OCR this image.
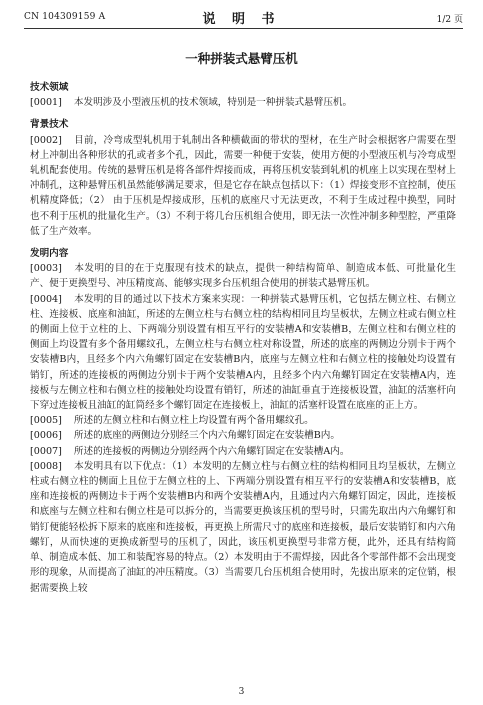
CN 104309159 A	说 明 书	1/2 页
一种拼装式悬臂压机

技术领域

[0001] 本发明涉及小型液压机的技术领域，特别是一种拼装式悬臂压机。

背景技术

[0002] 目前，冷弯成型轧机用于轧制出各种横截面的带状的型材，在生产时会根据客户需要在型材上冲制出各种形状的孔或者多个孔，因此，需要一种便于安装，使用方便的小型液压机与冷弯成型轧机配套使用。传统的悬臂压机是将各部件焊接而成，再将压机安装到轧机的机座上以实现在型材上冲制孔，这种悬臂压机虽然能够满足要求，但是它存在缺点包括以下：（1）焊接变形不宜控制，使压机精度降低；（2） 由于压机是焊接成形，压机的底座尺寸无法更改，不利于生成过程中换型，同时也不利于压机的批量化生产。（3）不利于将几台压机组合使用，即无法一次性冲制多种型腔，严重降低了生产效率。

发明内容

[0003] 本发明的目的在于克服现有技术的缺点，提供一种结构简单、制造成本低、可批量化生产、便于更换型号、冲压精度高、能够实现多台压机组合使用的拼装式悬臂压机。

[0004] 本发明的目的通过以下技术方案来实现：一种拼装式悬臂压机，它包括左侧立柱、右侧立柱、连接板、底座和油缸，所述的左侧立柱与右侧立柱的结构相同且均呈板状，左侧立柱或右侧立柱的侧面上位于立柱的上、下两端分别设置有相互平行的安装槽A和安装槽B，左侧立柱和右侧立柱的侧面上均设置有多个备用螺纹孔，左侧立柱与右侧立柱对称设置，所述的底座的两侧边分别卡于两个安装槽B内，且经多个内六角螺钉固定在安装槽B内，底座与左侧立柱和右侧立柱的接触处均设置有销钉，所述的连接板的两侧边分别卡于两个安装槽A内，且经多个内六角螺钉固定在安装槽A内，连接板与左侧立柱和右侧立柱的接触处均设置有销钉，所述的油缸垂直于连接板设置，油缸的活塞杆向下穿过连接板且油缸的缸筒经多个螺钉固定在连接板上，油缸的活塞杆设置在底座的正上方。

[0005] 所述的左侧立柱和右侧立柱上均设置有两个备用螺纹孔。

[0006] 所述的底座的两侧边分别经三个内六角螺钉固定在安装槽B内。

[0007] 所述的连接板的两侧边分别经两个内六角螺钉固定在安装槽A内。

[0008] 本发明具有以下优点：（1）本发明的左侧立柱与右侧立柱的结构相同且均呈板状，左侧立柱或右侧立柱的侧面上且位于左侧立柱的上、下两端分别设置有相互平行的安装槽A和安装槽B，底座和连接板的两侧边卡于两个安装槽B内和两个安装槽A内，且通过内六角螺钉固定，因此，连接板和底座与左侧立柱和右侧立柱是可以拆分的，当需要更换该压机的型号时，只需先取出内六角螺钉和销钉便能轻松拆下原来的底座和连接板，再更换上所需尺寸的底座和连接板，最后安装销钉和内六角螺钉，从而快速的更换成新型号的压机了，因此，该压机更换型号非常方便，此外，还具有结构简单、制造成本低、加工和装配容易的特点。（2）本发明由于不需焊接，因此各个零部件都不会出现变形的现象，从而提高了油缸的冲压精度。（3）当需要几台压机组合使用时，先拔出原来的定位销，根据需要换上较

3
